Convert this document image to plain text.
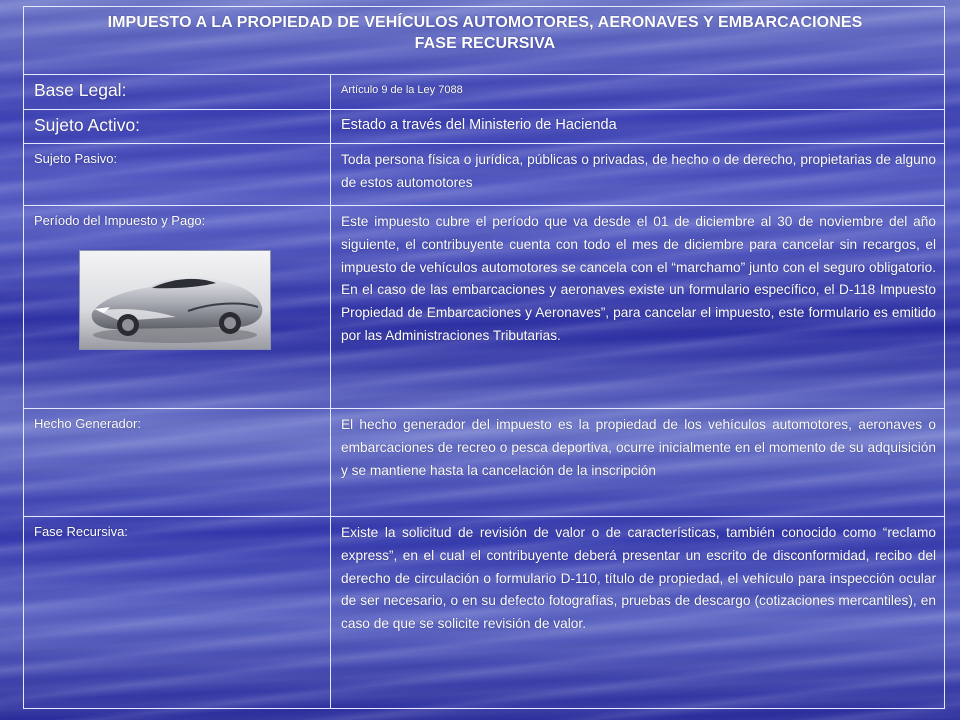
IMPUESTO A LA PROPIEDAD DE VEHÍCULOS AUTOMOTORES, AERONAVES Y EMBARCACIONES
FASE RECURSIVA	

Base Legal:	Artículo 9 de la Ley 7088
Sujeto Activo:	Estado a través del Ministerio de Hacienda
Sujeto Pasivo:	Toda persona física o jurídica, públicas o privadas, de hecho o de derecho, propietarias de alguno de estos automotores

Período del Impuesto y Pago:	Este impuesto cubre el período que va desde el 01 de diciembre al 30 de noviembre del año siguiente, el contribuyente cuenta con todo el mes de diciembre para cancelar sin recargos, el impuesto de vehículos automotores se cancela con el “marchamo” junto con el seguro obligatorio. En el caso de las embarcaciones y aeronaves existe un formulario específico, el D-118 Impuesto Propiedad de Embarcaciones y Aeronaves”, para cancelar el impuesto, este formulario es emitido por las Administraciones Tributarias.
Hecho Generador:	El hecho generador del impuesto es la propiedad de los vehículos automotores, aeronaves o embarcaciones de recreo o pesca deportiva, ocurre inicialmente en el momento de su adquisición y se mantiene hasta la cancelación de la inscripción
Fase Recursiva:	Existe la solicitud de revisión de valor o de características, también conocido como “reclamo express”, en el cual el contribuyente deberá presentar un escrito de disconformidad, recibo del derecho de circulación o formulario D-110, título de propiedad, el vehículo para inspección ocular de ser necesario, o en su defecto fotografías, pruebas de descargo (cotizaciones mercantiles), en caso de que se solicite revisión de valor.
